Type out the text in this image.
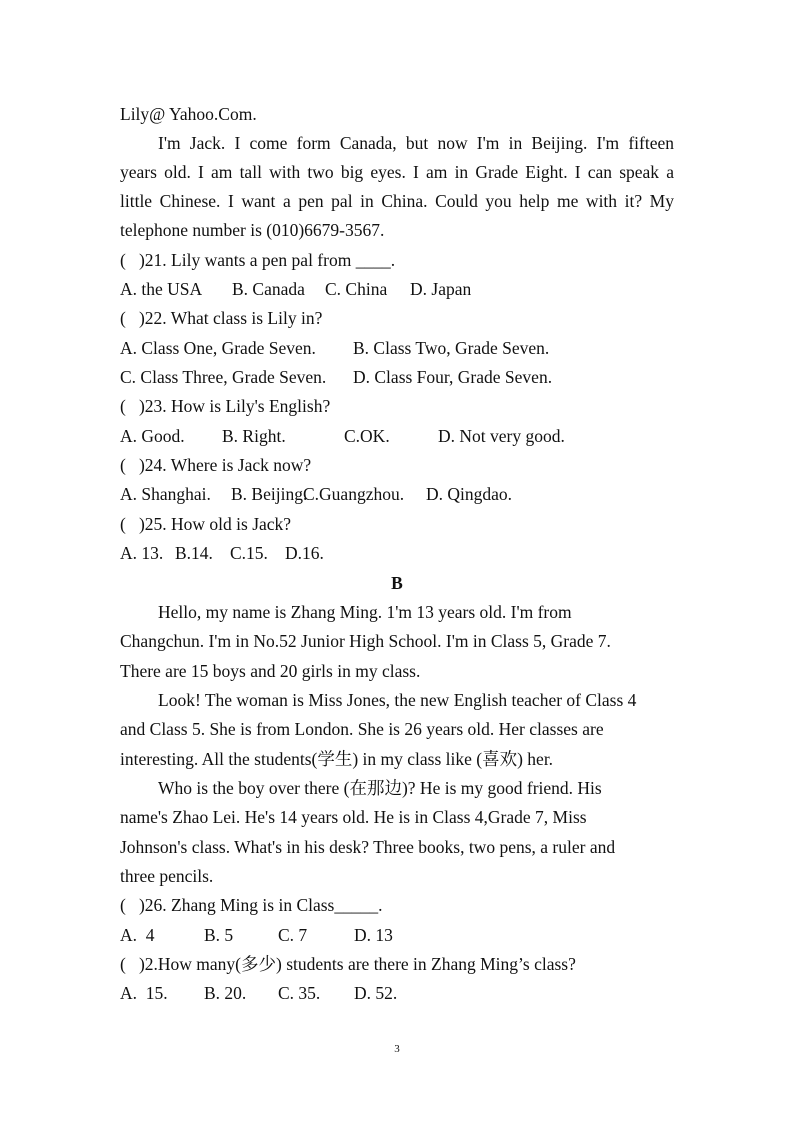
Lily@ Yahoo.Com.
I'm Jack. I come form Canada, but now I'm in Beijing. I'm fifteen
years old. I am tall with two big eyes. I am in Grade Eight. I can speak a
little Chinese. I want a pen pal in China. Could you help me with it? My
telephone number is (010)6679-3567.
(   )21. Lily wants a pen pal from ____.
A. the USA B. Canada C. China D. Japan
(   )22. What class is Lily in?
A. Class One, Grade Seven. B. Class Two, Grade Seven.
C. Class Three, Grade Seven. D. Class Four, Grade Seven.
(   )23. How is Lily's English?
A. Good. B. Right.	C.OK.	D. Not very good.
(   )24. Where is Jack now?
A. Shanghai. B. Beijing.
C.Guangzhou. D. Qingdao.
(   )25. How old is Jack?
A. 13. B.14. C.15. D.16.
B
Hello, my name is Zhang Ming. 1'm 13 years old. I'm from
Changchun. I'm in No.52 Junior High School. I'm in Class 5, Grade 7.
There are 15 boys and 20 girls in my class.
Look! The woman is Miss Jones, the new English teacher of Class 4
and Class 5. She is from London. She is 26 years old. Her classes are
interesting. All the students(学生) in my class like (喜欢) her.
Who is the boy over there (在那边)? He is my good friend. His
name's Zhao Lei. He's 14 years old. He is in Class 4,Grade 7, Miss
Johnson's class. What's in his desk? Three books, two pens, a ruler and
three pencils.
(   )26. Zhang Ming is in Class_____.
A.  4	B. 5	C. 7	D. 13
(   )2.How many(多少) students are there in Zhang Ming’s class?
A.  15. B. 20. C. 35. D. 52.
3
